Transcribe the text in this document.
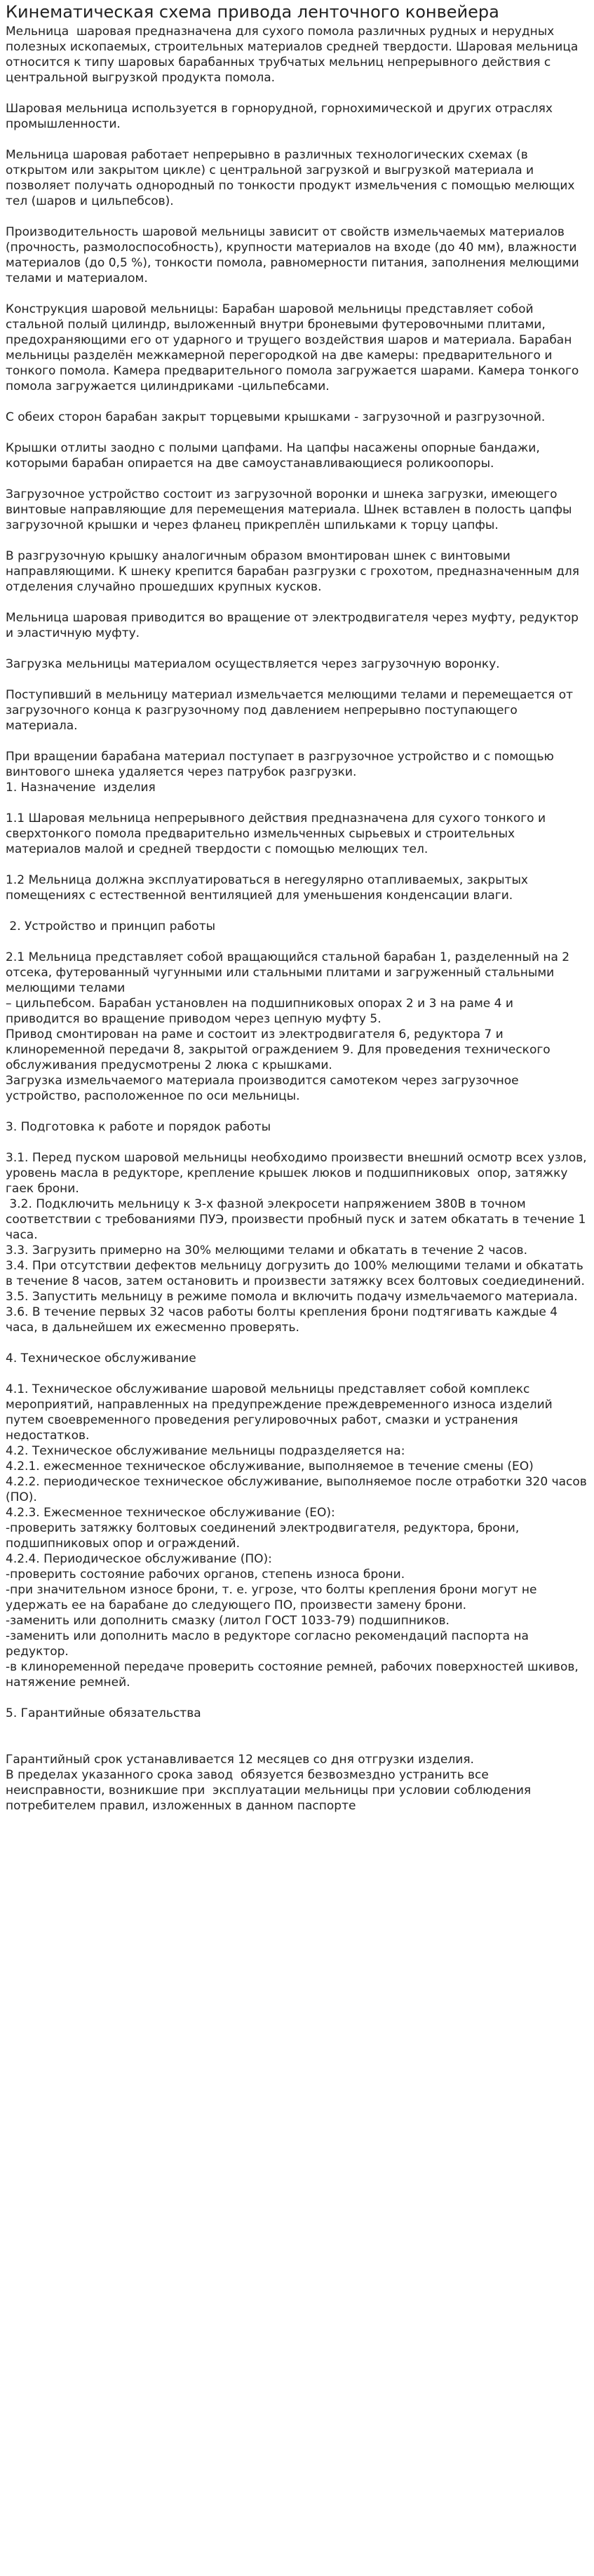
Кинематическая схема привода ленточного конвейера
Мельница  шаровая предназначена для сухого помола различных рудных и нерудных полезных ископаемых, строительных материалов средней твердости. Шаровая мельница относится к типу шаровых барабанных трубчатых мельниц непрерывного действия с центральной выгрузкой продукта помола.

Шаровая мельница используется в горнорудной, горнохимической и других отраслях промышленности.

Мельница шаровая работает непрерывно в различных технологических схемах (в открытом или закрытом цикле) с центральной загрузкой и выгрузкой материала и позволяет получать однородный по тонкости продукт измельчения с помощью мелющих тел (шаров и цильпебсов).

Производительность шаровой мельницы зависит от свойств измельчаемых материалов (прочность, размолоспособность), крупности материалов на входе (до 40 мм), влажности материалов (до 0,5 %), тонкости помола, равномерности питания, заполнения мелющими телами и материалом.

Конструкция шаровой мельницы: Барабан шаровой мельницы представляет собой стальной полый цилиндр, выложенный внутри броневыми футеровочными плитами, предохраняющими его от ударного и трущего воздействия шаров и материала. Барабан мельницы разделён межкамерной перегородкой на две камеры: предварительного и тонкого помола. Камера предварительного помола загружается шарами. Камера тонкого помола загружается цилиндриками -цильпебсами.

С обеих сторон барабан закрыт торцевыми крышками - загрузочной и разгрузочной.

Крышки отлиты заодно с полыми цапфами. На цапфы насажены опорные бандажи, которыми барабан опирается на две самоустанавливающиеся роликоопоры.

Загрузочное устройство состоит из загрузочной воронки и шнека загрузки, имеющего винтовые направляющие для перемещения материала. Шнек вставлен в полость цапфы загрузочной крышки и через фланец прикреплён шпильками к торцу цапфы.

В разгрузочную крышку аналогичным образом вмонтирован шнек с винтовыми направляющими. К шнеку крепится барабан разгрузки с грохотом, предназначенным для отделения случайно прошедших крупных кусков.

Мельница шаровая приводится во вращение от электродвигателя через муфту, редуктор и эластичную муфту.

Загрузка мельницы материалом осуществляется через загрузочную воронку.

Поступивший в мельницу материал измельчается мелющими телами и перемещается от загрузочного конца к разгрузочному под давлением непрерывно поступающего материала.

При вращении барабана материал поступает в разгрузочное устройство и с помощью винтового шнека удаляется через патрубок разгрузки.
1. Назначение  изделия

1.1 Шаровая мельница непрерывного действия предназначена для сухого тонкого и сверхтонкого помола предварительно измельченных сырьевых и строительных материалов малой и средней твердости с помощью мелющих тел.

1.2 Мельница должна эксплуатироваться в неregулярно отапливаемых, закрытых помещениях с естественной вентиляцией для уменьшения конденсации влаги.

2. Устройство и принцип работы

2.1 Мельница представляет собой вращающийся стальной барабан 1, разделенный на 2 отсека, футерованный чугунными или стальными плитами и загруженный стальными мелющими телами
– цильпебсом. Барабан установлен на подшипниковых опорах 2 и 3 на раме 4 и приводится во вращение приводом через цепную муфту 5.
Привод смонтирован на раме и состоит из электродвигателя 6, редуктора 7 и клиноременной передачи 8, закрытой ограждением 9. Для проведения технического обслуживания предусмотрены 2 люка с крышками.
Загрузка измельчаемого материала производится самотеком через загрузочное устройство, расположенное по оси мельницы.

3. Подготовка к работе и порядок работы

3.1. Перед пуском шаровой мельницы необходимо произвести внешний осмотр всех узлов, уровень масла в редукторе, крепление крышек люков и подшипниковых  опор, затяжку гаек брони.
3.2. Подключить мельницу к 3-х фазной элекросети напряжением 380В в точном соответствии с требованиями ПУЭ, произвести пробный пуск и затем обкатать в течение 1 часа.
3.3. Загрузить примерно на 30% мелющими телами и обкатать в течение 2 часов.
3.4. При отсутствии дефектов мельницу догрузить до 100% мелющими телами и обкатать в течение 8 часов, затем остановить и произвести затяжку всех болтовых соедиединений.
3.5. Запустить мельницу в режиме помола и включить подачу измельчаемого материала.
3.6. В течение первых 32 часов работы болты крепления брони подтягивать каждые 4 часа, в дальнейшем их ежесменно проверять.

4. Техническое обслуживание

4.1. Техническое обслуживание шаровой мельницы представляет собой комплекс мероприятий, направленных на предупреждение преждевременного износа изделий путем своевременного проведения регулировочных работ, смазки и устранения недостатков.
4.2. Техническое обслуживание мельницы подразделяется на:
4.2.1. ежесменное техническое обслуживание, выполняемое в течение смены (ЕО)
4.2.2. периодическое техническое обслуживание, выполняемое после отработки 320 часов (ПО).
4.2.3. Ежесменное техническое обслуживание (ЕО):
-проверить затяжку болтовых соединений электродвигателя, редуктора, брони, подшипниковых опор и ограждений.
4.2.4. Периодическое обслуживание (ПО):
-проверить состояние рабочих органов, степень износа брони.
-при значительном износе брони, т. е. угрозе, что болты крепления брони могут не удержать ее на барабане до следующего ПО, произвести замену брони.
-заменить или дополнить смазку (литол ГОСТ 1033-79) подшипников.
-заменить или дополнить масло в редукторе согласно рекомендаций паспорта на редуктор.
-в клиноременной передаче проверить состояние ремней, рабочих поверхностей шкивов, натяжение ремней.

5. Гарантийные обязательства

Гарантийный срок устанавливается 12 месяцев со дня отгрузки изделия.
В пределах указанного срока завод  обязуется безвозмездно устранить все неисправности, возникшие при  эксплуатации мельницы при условии соблюдения потребителем правил, изложенных в данном паспорте
